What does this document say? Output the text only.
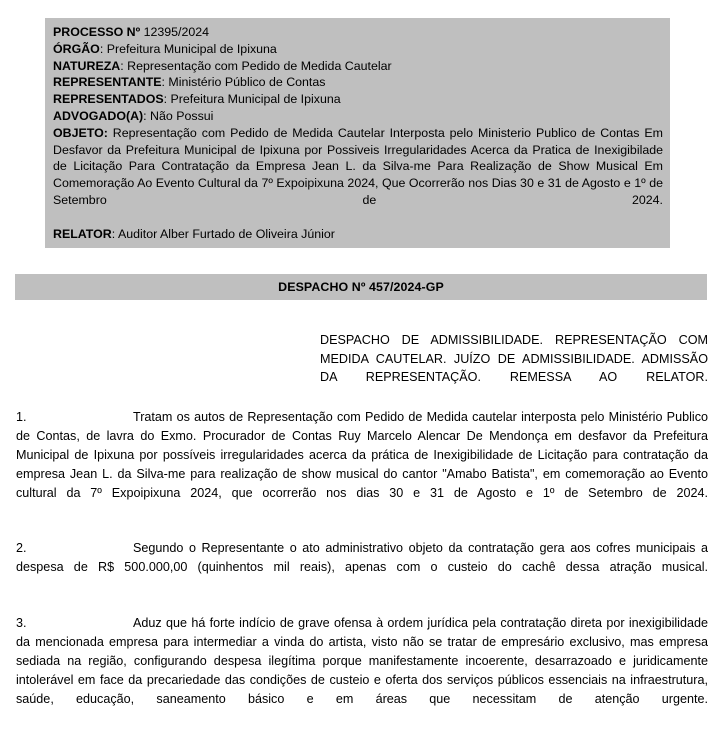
PROCESSO Nº 12395/2024
ÓRGÃO: Prefeitura Municipal de Ipixuna
NATUREZA: Representação com Pedido de Medida Cautelar
REPRESENTANTE: Ministério Público de Contas
REPRESENTADOS: Prefeitura Municipal de Ipixuna
ADVOGADO(A): Não Possui
OBJETO: Representação com Pedido de Medida Cautelar Interposta pelo Ministerio Publico de Contas Em Desfavor da Prefeitura Municipal de Ipixuna por Possiveis Irregularidades Acerca da Pratica de Inexigibilade de Licitação Para Contratação da Empresa Jean L. da Silva-me Para Realização de Show Musical Em Comemoração Ao Evento Cultural da 7º Expoipixuna 2024, Que Ocorrerão nos Dias 30 e 31 de Agosto e 1º de Setembro de 2024.
RELATOR: Auditor Alber Furtado de Oliveira Júnior
DESPACHO Nº 457/2024-GP
DESPACHO DE ADMISSIBILIDADE. REPRESENTAÇÃO COM MEDIDA CAUTELAR. JUÍZO DE ADMISSIBILIDADE. ADMISSÃO DA REPRESENTAÇÃO. REMESSA AO RELATOR.

1.	Tratam os autos de Representação com Pedido de Medida cautelar interposta pelo Ministério Publico de Contas, de lavra do Exmo. Procurador de Contas Ruy Marcelo Alencar De Mendonça em desfavor da Prefeitura Municipal de Ipixuna por possíveis irregularidades acerca da prática de Inexigibilidade de Licitação para contratação da empresa Jean L. da Silva-me para realização de show musical do cantor "Amabo Batista", em comemoração ao Evento cultural da 7º Expoipixuna 2024, que ocorrerão nos dias 30 e 31 de Agosto e 1º de Setembro de 2024.

2.	Segundo o Representante o ato administrativo objeto da contratação gera aos cofres municipais a despesa de R$ 500.000,00 (quinhentos mil reais), apenas com o custeio do cachê dessa atração musical.

3.	Aduz que há forte indício de grave ofensa à ordem jurídica pela contratação direta por inexigibilidade da mencionada empresa para intermediar a vinda do artista, visto não se tratar de empresário exclusivo, mas empresa sediada na região, configurando despesa ilegítima porque manifestamente incoerente, desarrazoado e juridicamente intolerável em face da precariedade das condições de custeio e oferta dos serviços públicos essenciais na infraestrutura, saúde, educação, saneamento básico e em áreas que necessitam de atenção urgente.
